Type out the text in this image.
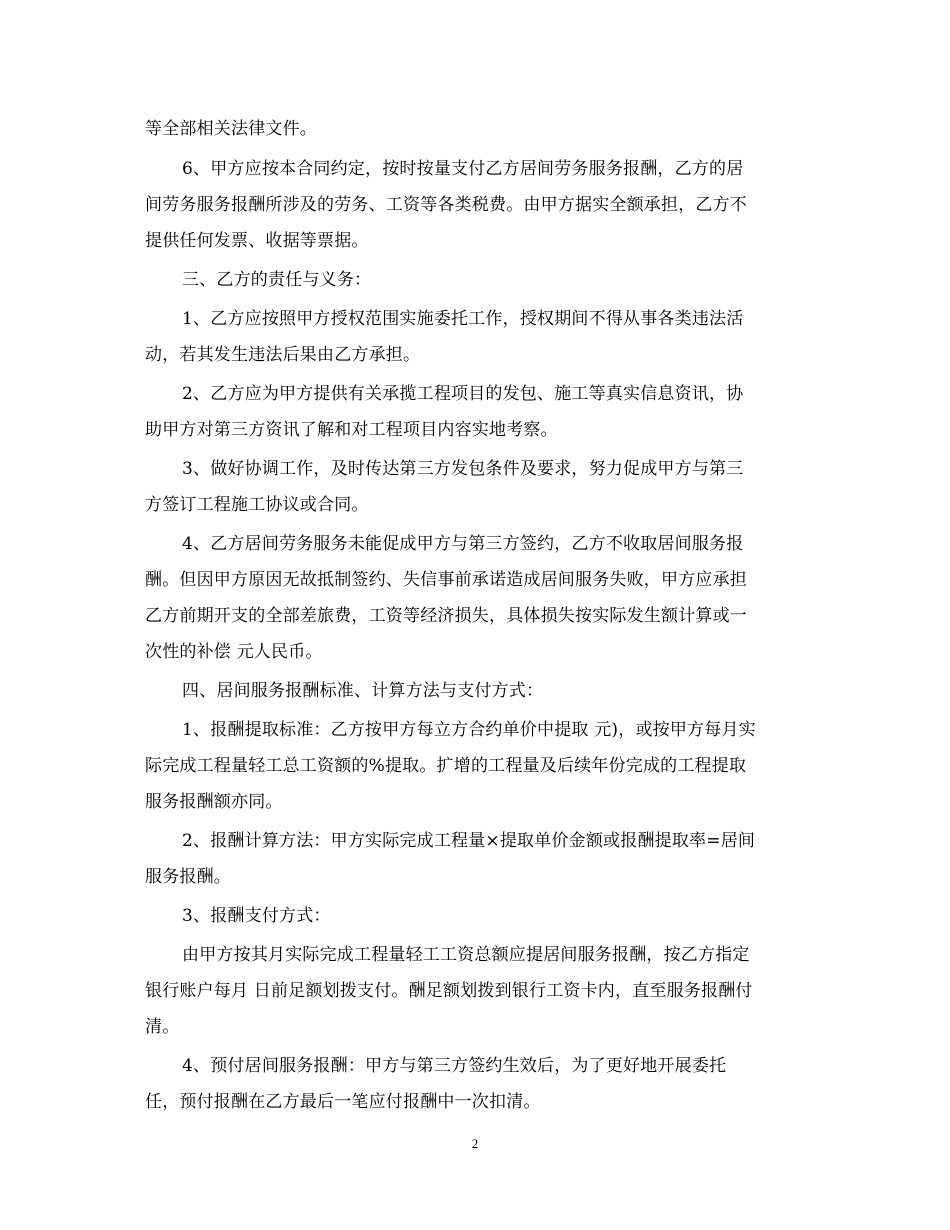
等全部相关法律文件。
6、甲方应按本合同约定，按时按量支付乙方居间劳务服务报酬，乙方的居
间劳务服务报酬所涉及的劳务、工资等各类税费。由甲方据实全额承担，乙方不
提供任何发票、收据等票据。
三、乙方的责任与义务：
1、乙方应按照甲方授权范围实施委托工作，授权期间不得从事各类违法活
动，若其发生违法后果由乙方承担。
2、乙方应为甲方提供有关承揽工程项目的发包、施工等真实信息资讯，协
助甲方对第三方资讯了解和对工程项目内容实地考察。
3、做好协调工作，及时传达第三方发包条件及要求，努力促成甲方与第三
方签订工程施工协议或合同。
4、乙方居间劳务服务未能促成甲方与第三方签约，乙方不收取居间服务报
酬。但因甲方原因无故抵制签约、失信事前承诺造成居间服务失败，甲方应承担
乙方前期开支的全部差旅费，工资等经济损失，具体损失按实际发生额计算或一
次性的补偿 元人民币。
四、居间服务报酬标准、计算方法与支付方式：
1、报酬提取标准：乙方按甲方每立方合约单价中提取 元)，或按甲方每月实
际完成工程量轻工总工资额的%提取。扩增的工程量及后续年份完成的工程提取
服务报酬额亦同。
2、报酬计算方法：甲方实际完成工程量×提取单价金额或报酬提取率=居间
服务报酬。
3、报酬支付方式：
由甲方按其月实际完成工程量轻工工资总额应提居间服务报酬，按乙方指定
银行账户每月 日前足额划拨支付。酬足额划拨到银行工资卡内，直至服务报酬付
清。
4、预付居间服务报酬：甲方与第三方签约生效后，为了更好地开展委托
任，预付报酬在乙方最后一笔应付报酬中一次扣清。
2
